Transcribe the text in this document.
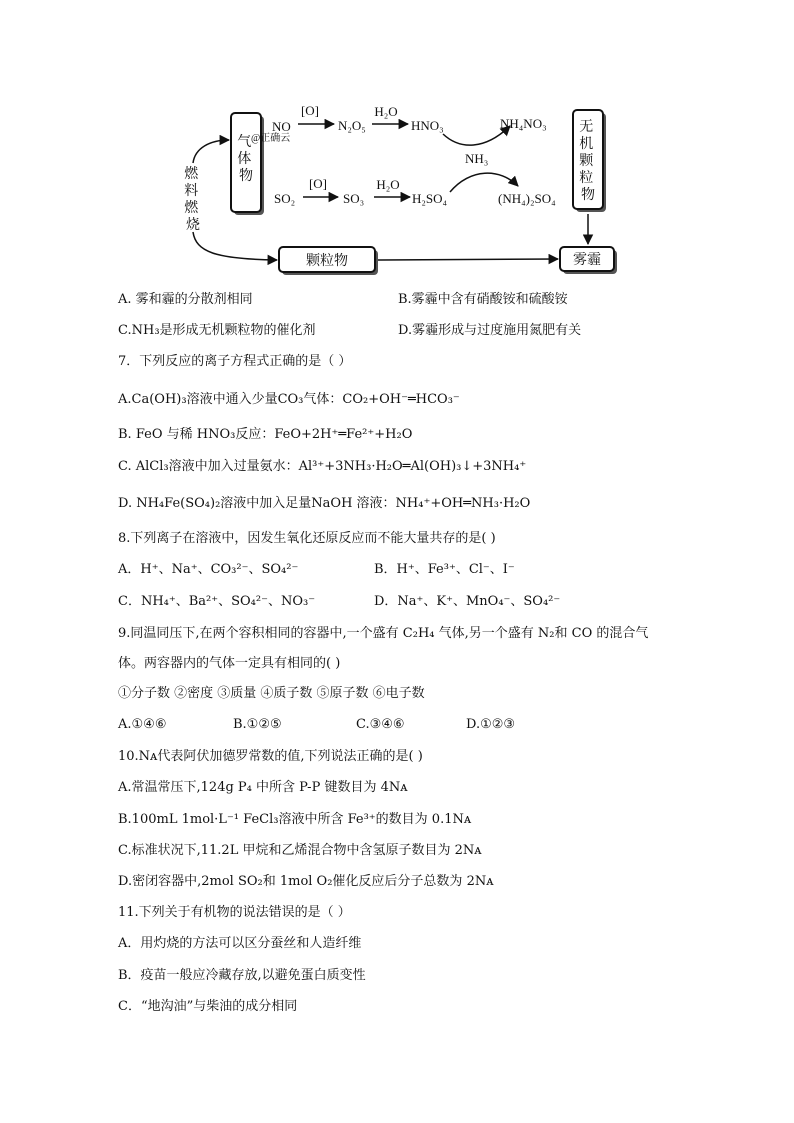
气 体 物
无 机 颗 粒 物
颗粒物	雾霾
燃 料 燃 烧
NO
[O]
N₂O₅
H₂O
HNO₃	NH₄NO₃
@正确云
NH₃
SO₂
[O]
SO₃
H₂O
H₂SO₄	(NH₄)₂SO₄
A. 雾和霾的分散剂相同	B.雾霾中含有硝酸铵和硫酸铵
C.NH₃是形成无机颗粒物的催化剂	D.雾霾形成与过度施用氮肥有关
7．下列反应的离子方程式正确的是（ ）
A.Ca(OH)₃溶液中通入少量CO₃气体：CO₂+OH⁻═HCO₃⁻
B. FeO 与稀 HNO₃反应：FeO+2H⁺═Fe²⁺+H₂O
C. AlCl₃溶液中加入过量氨水：Al³⁺+3NH₃·H₂O═Al(OH)₃↓+3NH₄⁺
D. NH₄Fe(SO₄)₂溶液中加入足量NaOH 溶液：NH₄⁺+OH═NH₃·H₂O
8.下列离子在溶液中，因发生氧化还原反应而不能大量共存的是( )
A．H⁺、Na⁺、CO₃²⁻、SO₄²⁻	B．H⁺、Fe³⁺、Cl⁻、I⁻
C．NH₄⁺、Ba²⁺、SO₄²⁻、NO₃⁻	D．Na⁺、K⁺、MnO₄⁻、SO₄²⁻
9.同温同压下,在两个容积相同的容器中,一个盛有 C₂H₄ 气体,另一个盛有 N₂和 CO 的混合气
体。两容器内的气体一定具有相同的( )
①分子数 ②密度 ③质量 ④质子数 ⑤原子数 ⑥电子数
A.①④⑥	B.①②⑤	C.③④⑥	D.①②③
10.Nᴀ代表阿伏加德罗常数的值,下列说法正确的是( )
A.常温常压下,124g P₄ 中所含 P-P 键数目为 4Nᴀ
B.100mL 1mol·L⁻¹ FeCl₃溶液中所含 Fe³⁺的数目为 0.1Nᴀ
C.标准状况下,11.2L 甲烷和乙烯混合物中含氢原子数目为 2Nᴀ
D.密闭容器中,2mol SO₂和 1mol O₂催化反应后分子总数为 2Nᴀ
11.下列关于有机物的说法错误的是（ ）
A．用灼烧的方法可以区分蚕丝和人造纤维
B．疫苗一般应冷藏存放,以避免蛋白质变性
C．“地沟油”与柴油的成分相同
